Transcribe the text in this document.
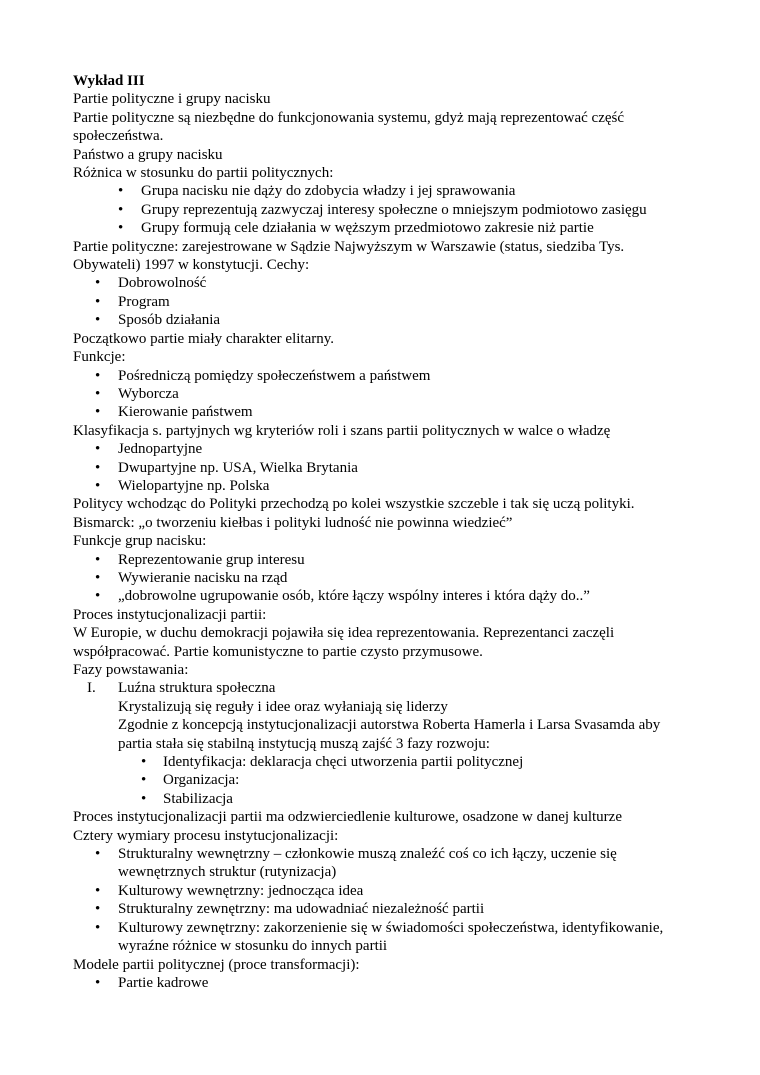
Wykład III

Partie polityczne i grupy nacisku

Partie polityczne są niezbędne do funkcjonowania systemu, gdyż mają reprezentować część społeczeństwa.

Państwo a grupy nacisku

Różnica w stosunku do partii politycznych:

• Grupa nacisku nie dąży do zdobycia władzy i jej sprawowania
• Grupy reprezentują zazwyczaj interesy społeczne o mniejszym podmiotowo zasięgu
• Grupy formują cele działania w węższym przedmiotowo zakresie niż partie

Partie polityczne: zarejestrowane w Sądzie Najwyższym w Warszawie (status, siedziba Tys. Obywateli) 1997 w konstytucji. Cechy:

• Dobrowolność
• Program
• Sposób działania

Początkowo partie miały charakter elitarny.

Funkcje:

• Pośredniczą pomiędzy społeczeństwem a państwem
• Wyborcza
• Kierowanie państwem

Klasyfikacja s. partyjnych wg kryteriów roli i szans partii politycznych w walce o władzę

• Jednopartyjne
• Dwupartyjne np. USA, Wielka Brytania
• Wielopartyjne np. Polska

Politycy wchodząc do Polityki przechodzą po kolei wszystkie szczeble i tak się uczą polityki.

Bismarck: „o tworzeniu kiełbas i polityki ludność nie powinna wiedzieć”

Funkcje grup nacisku:

• Reprezentowanie grup interesu
• Wywieranie nacisku na rząd
• „dobrowolne ugrupowanie osób, które łączy wspólny interes i która dąży do..”

Proces instytucjonalizacji partii:

W Europie, w duchu demokracji pojawiła się idea reprezentowania. Reprezentanci zaczęli współpracować. Partie komunistyczne to partie czysto przymusowe.

Fazy powstawania:

I. Luźna struktura społeczna

Krystalizują się reguły i idee oraz wyłaniają się liderzy

Zgodnie z koncepcją instytucjonalizacji autorstwa Roberta Hamerla i Larsa Svasamda aby partia stała się stabilną instytucją muszą zajść 3 fazy rozwoju:

• Identyfikacja: deklaracja chęci utworzenia partii politycznej
• Organizacja:
• Stabilizacja

Proces instytucjonalizacji partii ma odzwierciedlenie kulturowe, osadzone w danej kulturze

Cztery wymiary procesu instytucjonalizacji:

• Strukturalny wewnętrzny – członkowie muszą znaleźć coś co ich łączy, uczenie się wewnętrznych struktur (rutynizacja)
• Kulturowy wewnętrzny: jednocząca idea
• Strukturalny zewnętrzny: ma udowadniać niezależność partii
• Kulturowy zewnętrzny: zakorzenienie się w świadomości społeczeństwa, identyfikowanie, wyraźne różnice w stosunku do innych partii

Modele partii politycznej (proce transformacji):

• Partie kadrowe
